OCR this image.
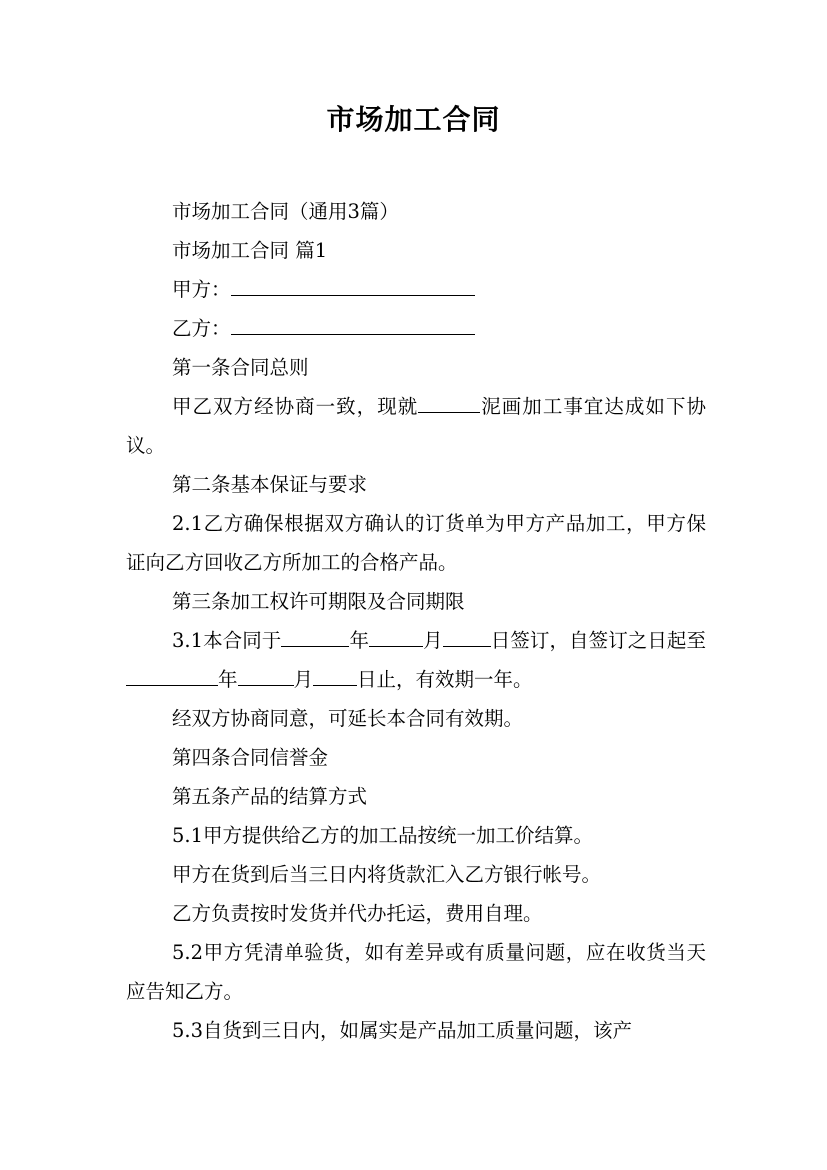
市场加工合同

市场加工合同（通用3篇）

市场加工合同 篇1

甲方：

乙方：

第一条合同总则

甲乙双方经协商一致，现就	泥画加工事宜达成如下协议。

第二条基本保证与要求

2.1乙方确保根据双方确认的订货单为甲方产品加工，甲方保证向乙方回收乙方所加工的合格产品。

第三条加工权许可期限及合同期限

3.1本合同于	年	月 日签订，自签订之日起至年	月 日止，有效期一年。

经双方协商同意，可延长本合同有效期。

第四条合同信誉金

第五条产品的结算方式

5.1甲方提供给乙方的加工品按统一加工价结算。

甲方在货到后当三日内将货款汇入乙方银行帐号。

乙方负责按时发货并代办托运，费用自理。

5.2甲方凭清单验货，如有差异或有质量问题，应在收货当天应告知乙方。

5.3自货到三日内，如属实是产品加工质量问题，该产
